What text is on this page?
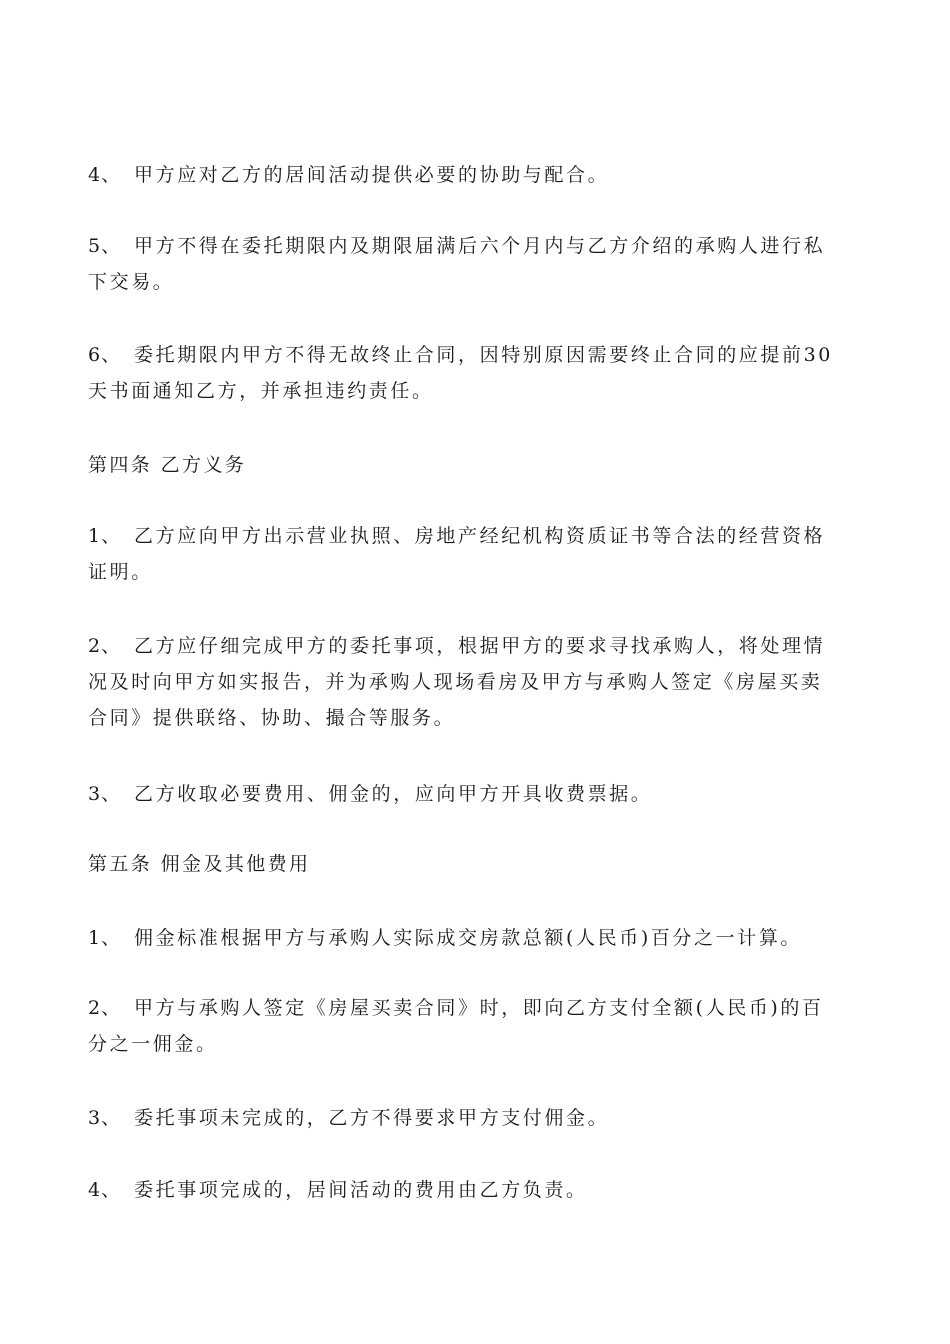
4、 甲方应对乙方的居间活动提供必要的协助与配合。

5、 甲方不得在委托期限内及期限届满后六个月内与乙方介绍的承购人进行私
下交易。

6、 委托期限内甲方不得无故终止合同，因特别原因需要终止合同的应提前30
天书面通知乙方，并承担违约责任。

第四条 乙方义务

1、 乙方应向甲方出示营业执照、房地产经纪机构资质证书等合法的经营资格
证明。

2、 乙方应仔细完成甲方的委托事项，根据甲方的要求寻找承购人，将处理情
况及时向甲方如实报告，并为承购人现场看房及甲方与承购人签定《房屋买卖
合同》提供联络、协助、撮合等服务。

3、 乙方收取必要费用、佣金的，应向甲方开具收费票据。

第五条 佣金及其他费用

1、 佣金标准根据甲方与承购人实际成交房款总额(人民币)百分之一计算。

2、 甲方与承购人签定《房屋买卖合同》时，即向乙方支付全额(人民币)的百
分之一佣金。

3、 委托事项未完成的，乙方不得要求甲方支付佣金。

4、 委托事项完成的，居间活动的费用由乙方负责。
